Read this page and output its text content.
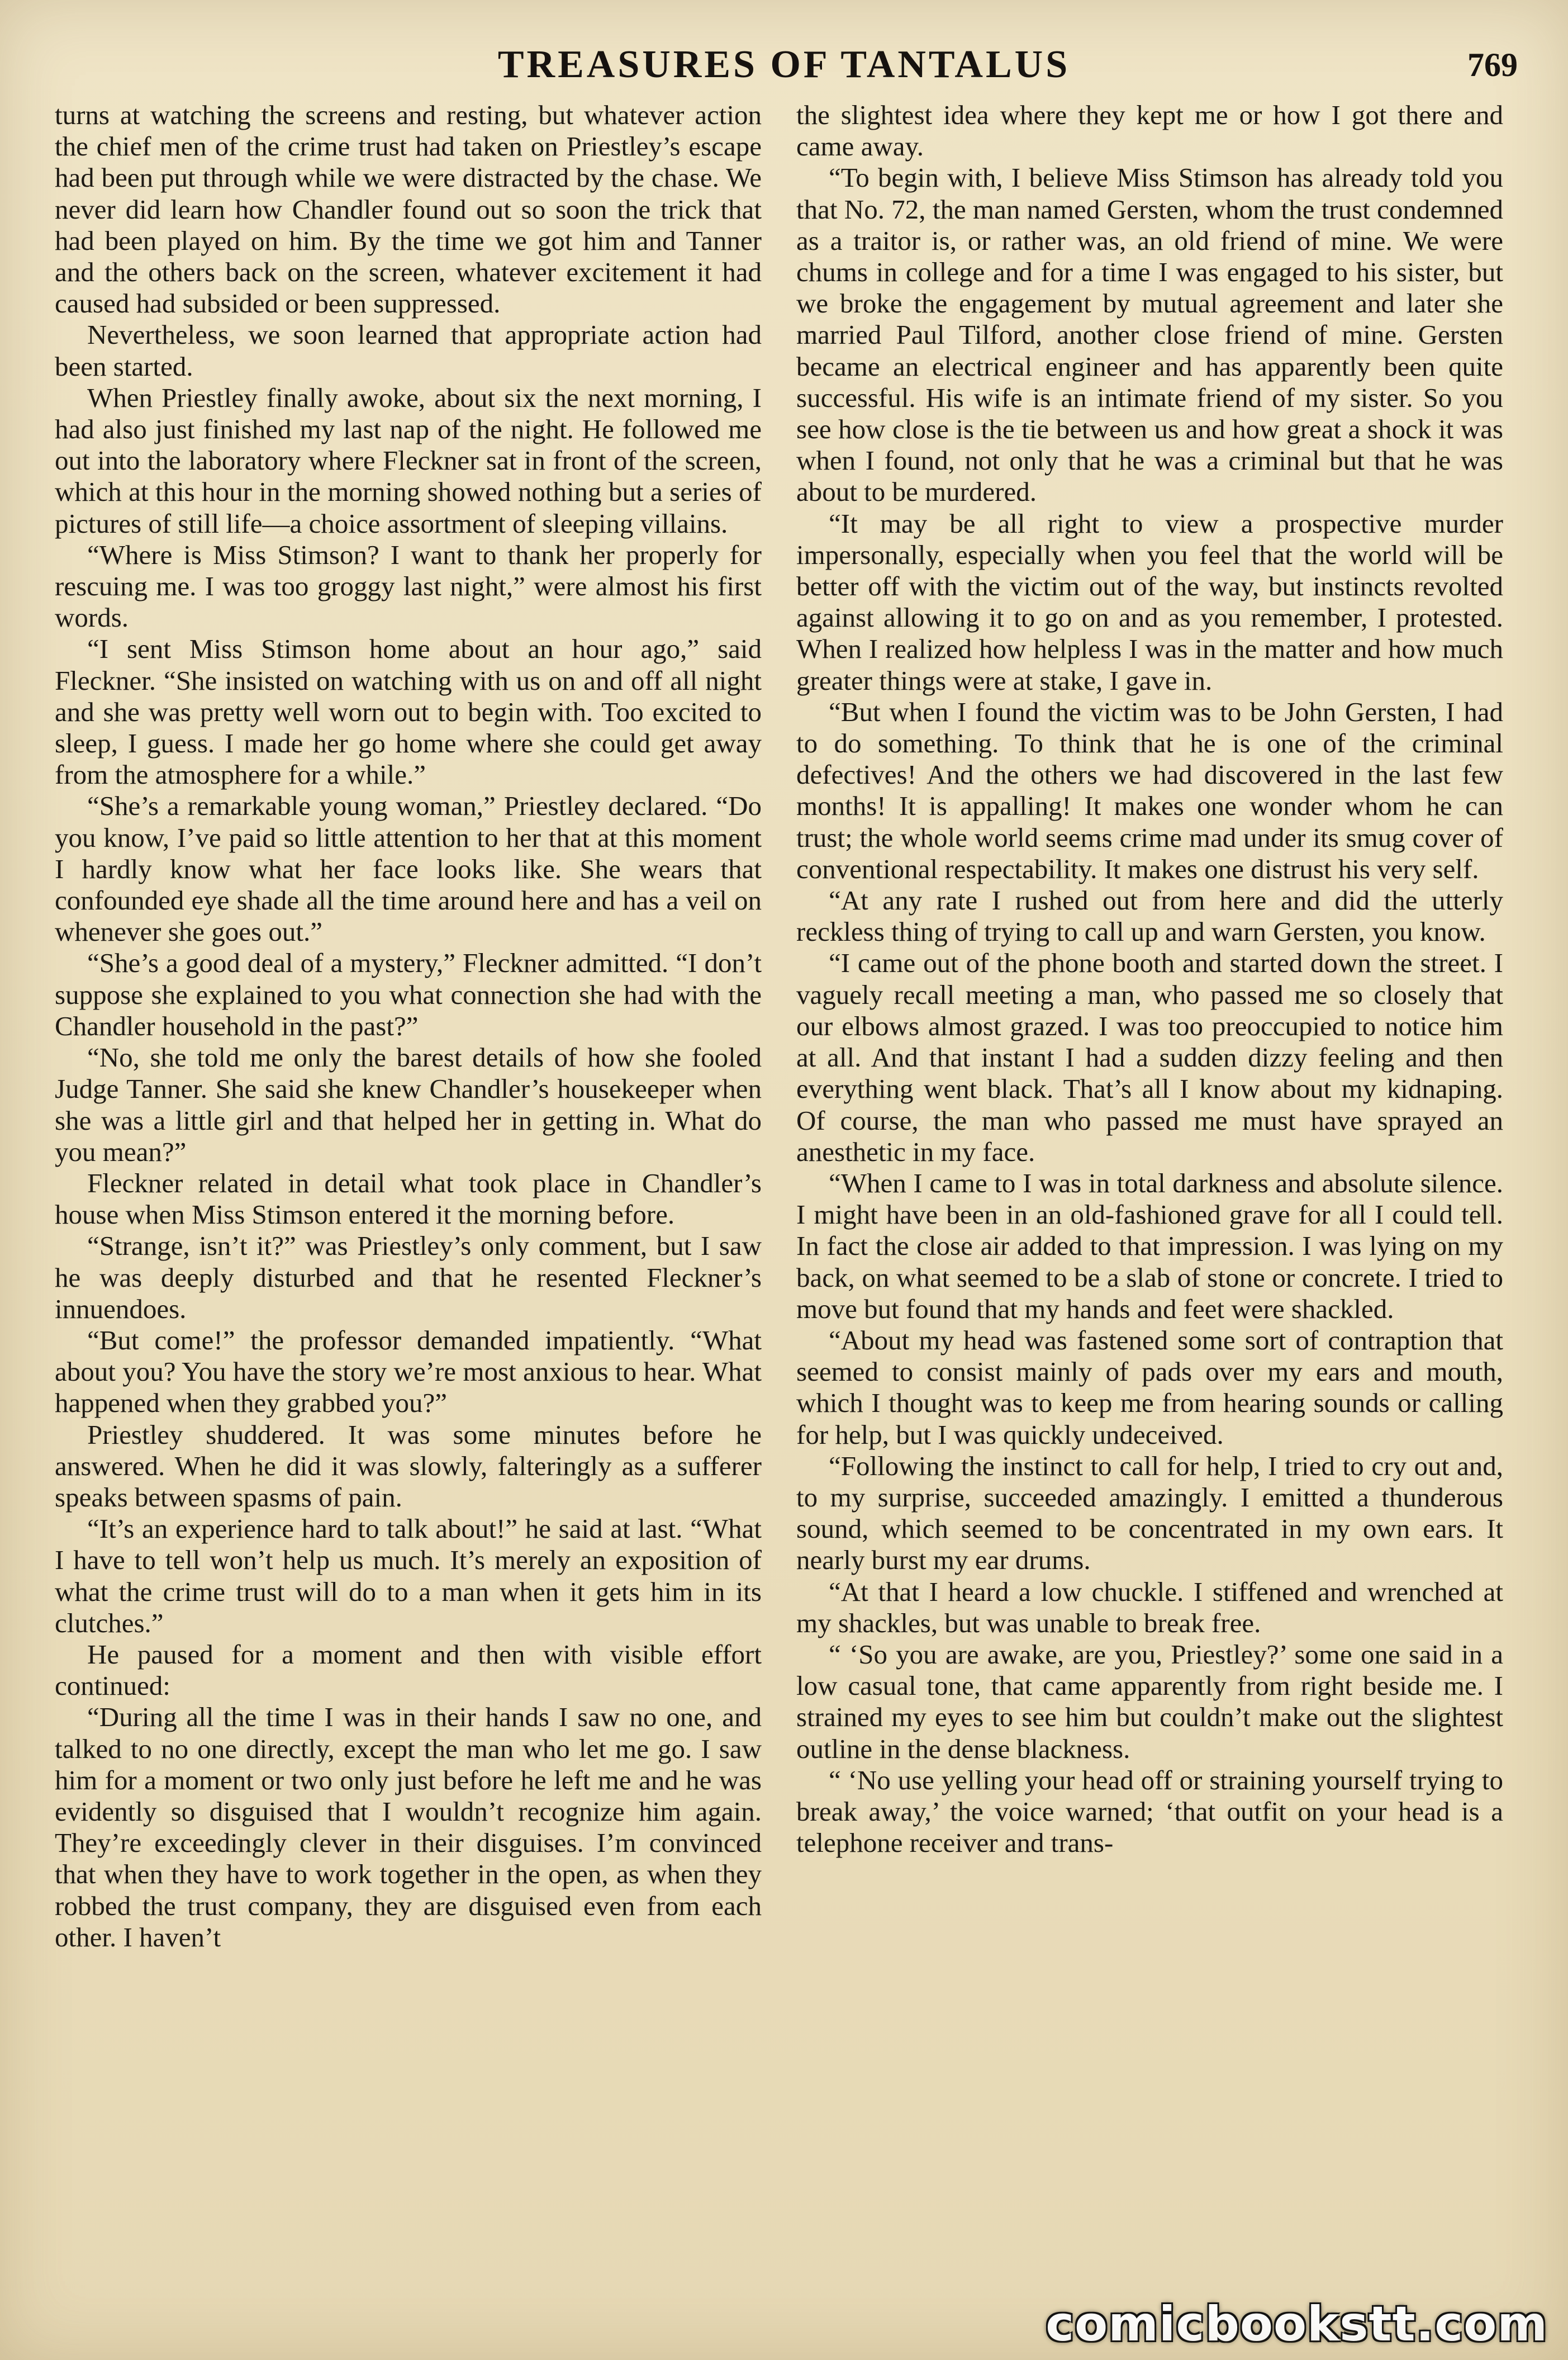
TREASURES OF TANTALUS	769

turns at watching the screens and resting, but whatever action the chief men of the crime trust had taken on Priestley’s escape had been put through while we were distracted by the chase. We never did learn how Chandler found out so soon the trick that had been played on him. By the time we got him and Tanner and the others back on the screen, whatever excitement it had caused had subsided or been suppressed.

Nevertheless, we soon learned that appropriate action had been started.

When Priestley finally awoke, about six the next morning, I had also just finished my last nap of the night. He followed me out into the laboratory where Fleckner sat in front of the screen, which at this hour in the morning showed nothing but a series of pictures of still life—a choice assortment of sleeping villains.

“Where is Miss Stimson? I want to thank her properly for rescuing me. I was too groggy last night,” were almost his first words.

“I sent Miss Stimson home about an hour ago,” said Fleckner. “She insisted on watching with us on and off all night and she was pretty well worn out to begin with. Too excited to sleep, I guess. I made her go home where she could get away from the atmosphere for a while.”

“She’s a remarkable young woman,” Priestley declared. “Do you know, I’ve paid so little attention to her that at this moment I hardly know what her face looks like. She wears that confounded eye shade all the time around here and has a veil on whenever she goes out.”

“She’s a good deal of a mystery,” Fleckner admitted. “I don’t suppose she explained to you what connection she had with the Chandler household in the past?”

“No, she told me only the barest details of how she fooled Judge Tanner. She said she knew Chandler’s housekeeper when she was a little girl and that helped her in getting in. What do you mean?”

Fleckner related in detail what took place in Chandler’s house when Miss Stimson entered it the morning before.

“Strange, isn’t it?” was Priestley’s only comment, but I saw he was deeply disturbed and that he resented Fleckner’s innuendoes.

“But come!” the professor demanded impatiently. “What about you? You have the story we’re most anxious to hear. What happened when they grabbed you?”

Priestley shuddered. It was some minutes before he answered. When he did it was slowly, falteringly as a sufferer speaks between spasms of pain.

“It’s an experience hard to talk about!” he said at last. “What I have to tell won’t help us much. It’s merely an exposition of what the crime trust will do to a man when it gets him in its clutches.”

He paused for a moment and then with visible effort continued:

“During all the time I was in their hands I saw no one, and talked to no one directly, except the man who let me go. I saw him for a moment or two only just before he left me and he was evidently so disguised that I wouldn’t recognize him again. They’re exceedingly clever in their disguises. I’m convinced that when they have to work together in the open, as when they robbed the trust company, they are disguised even from each other. I haven’t

the slightest idea where they kept me or how I got there and came away.

“To begin with, I believe Miss Stimson has already told you that No. 72, the man named Gersten, whom the trust condemned as a traitor is, or rather was, an old friend of mine. We were chums in college and for a time I was engaged to his sister, but we broke the engagement by mutual agreement and later she married Paul Tilford, another close friend of mine. Gersten became an electrical engineer and has apparently been quite successful. His wife is an intimate friend of my sister. So you see how close is the tie between us and how great a shock it was when I found, not only that he was a criminal but that he was about to be murdered.

“It may be all right to view a prospective murder impersonally, especially when you feel that the world will be better off with the victim out of the way, but instincts revolted against allowing it to go on and as you remember, I protested. When I realized how helpless I was in the matter and how much greater things were at stake, I gave in.

“But when I found the victim was to be John Gersten, I had to do something. To think that he is one of the criminal defectives! And the others we had discovered in the last few months! It is appalling! It makes one wonder whom he can trust; the whole world seems crime mad under its smug cover of conventional respectability. It makes one distrust his very self.

“At any rate I rushed out from here and did the utterly reckless thing of trying to call up and warn Gersten, you know.

“I came out of the phone booth and started down the street. I vaguely recall meeting a man, who passed me so closely that our elbows almost grazed. I was too preoccupied to notice him at all. And that instant I had a sudden dizzy feeling and then everything went black. That’s all I know about my kidnaping. Of course, the man who passed me must have sprayed an anesthetic in my face.

“When I came to I was in total darkness and absolute silence. I might have been in an old-fashioned grave for all I could tell. In fact the close air added to that impression. I was lying on my back, on what seemed to be a slab of stone or concrete. I tried to move but found that my hands and feet were shackled.

“About my head was fastened some sort of contraption that seemed to consist mainly of pads over my ears and mouth, which I thought was to keep me from hearing sounds or calling for help, but I was quickly undeceived.

“Following the instinct to call for help, I tried to cry out and, to my surprise, succeeded amazingly. I emitted a thunderous sound, which seemed to be concentrated in my own ears. It nearly burst my ear drums.

“At that I heard a low chuckle. I stiffened and wrenched at my shackles, but was unable to break free.

“ ‘So you are awake, are you, Priestley?’ some one said in a low casual tone, that came apparently from right beside me. I strained my eyes to see him but couldn’t make out the slightest outline in the dense blackness.

“ ‘No use yelling your head off or straining yourself trying to break away,’ the voice warned; ‘that outfit on your head is a telephone receiver and trans-

comicbookstt.com
